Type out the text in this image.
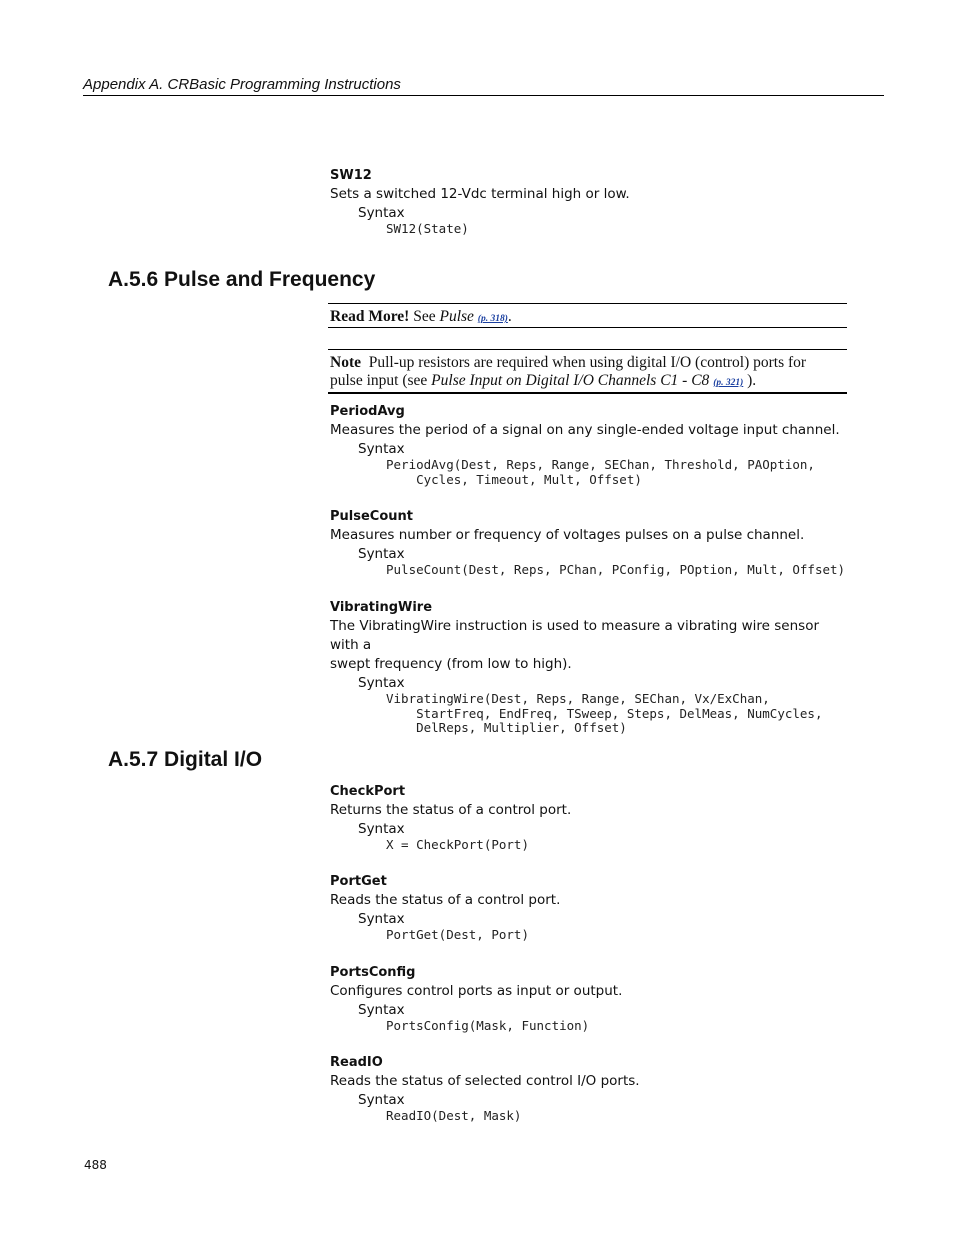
Appendix A. CRBasic Programming Instructions

SW12

Sets a switched 12-Vdc terminal high or low.

Syntax

SW12(State)
A.5.6 Pulse and Frequency
Read More! See Pulse (p. 318).
Note Pull-up resistors are required when using digital I/O (control) ports for
pulse input (see Pulse Input on Digital I/O Channels C1 - C8 (p. 321) ).

PeriodAvg

Measures the period of a signal on any single-ended voltage input channel.

Syntax

PeriodAvg(Dest, Reps, Range, SEChan, Threshold, PAOption,
Cycles, Timeout, Mult, Offset)

PulseCount

Measures number or frequency of voltages pulses on a pulse channel.

Syntax

PulseCount(Dest, Reps, PChan, PConfig, POption, Mult, Offset)

VibratingWire

The VibratingWire instruction is used to measure a vibrating wire sensor with a

swept frequency (from low to high).

Syntax

VibratingWire(Dest, Reps, Range, SEChan, Vx/ExChan,
StartFreq, EndFreq, TSweep, Steps, DelMeas, NumCycles,
DelReps, Multiplier, Offset)
A.5.7 Digital I/O

CheckPort

Returns the status of a control port.

Syntax

X = CheckPort(Port)

PortGet

Reads the status of a control port.

Syntax

PortGet(Dest, Port)

PortsConfig

Configures control ports as input or output.

Syntax

PortsConfig(Mask, Function)

ReadIO

Reads the status of selected control I/O ports.

Syntax

ReadIO(Dest, Mask)
488
